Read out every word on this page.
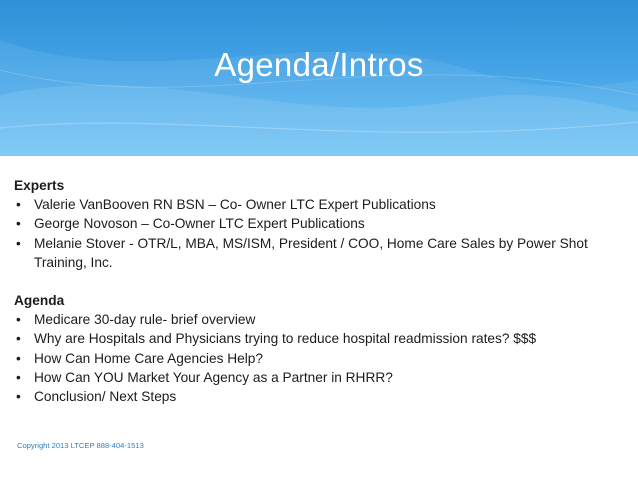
Agenda/Intros
Experts
• Valerie VanBooven RN BSN – Co- Owner LTC Expert Publications
• George Novoson – Co-Owner LTC Expert Publications
• Melanie Stover - OTR/L, MBA, MS/ISM, President / COO, Home Care Sales by Power Shot Training, Inc.
Agenda
• Medicare 30-day rule- brief overview
• Why are Hospitals and Physicians trying to reduce hospital readmission rates? $$$
• How Can Home Care Agencies Help?
• How Can YOU Market Your Agency as a Partner in RHRR?
• Conclusion/ Next Steps
Copyright 2013 LTCEP 888-404-1513
